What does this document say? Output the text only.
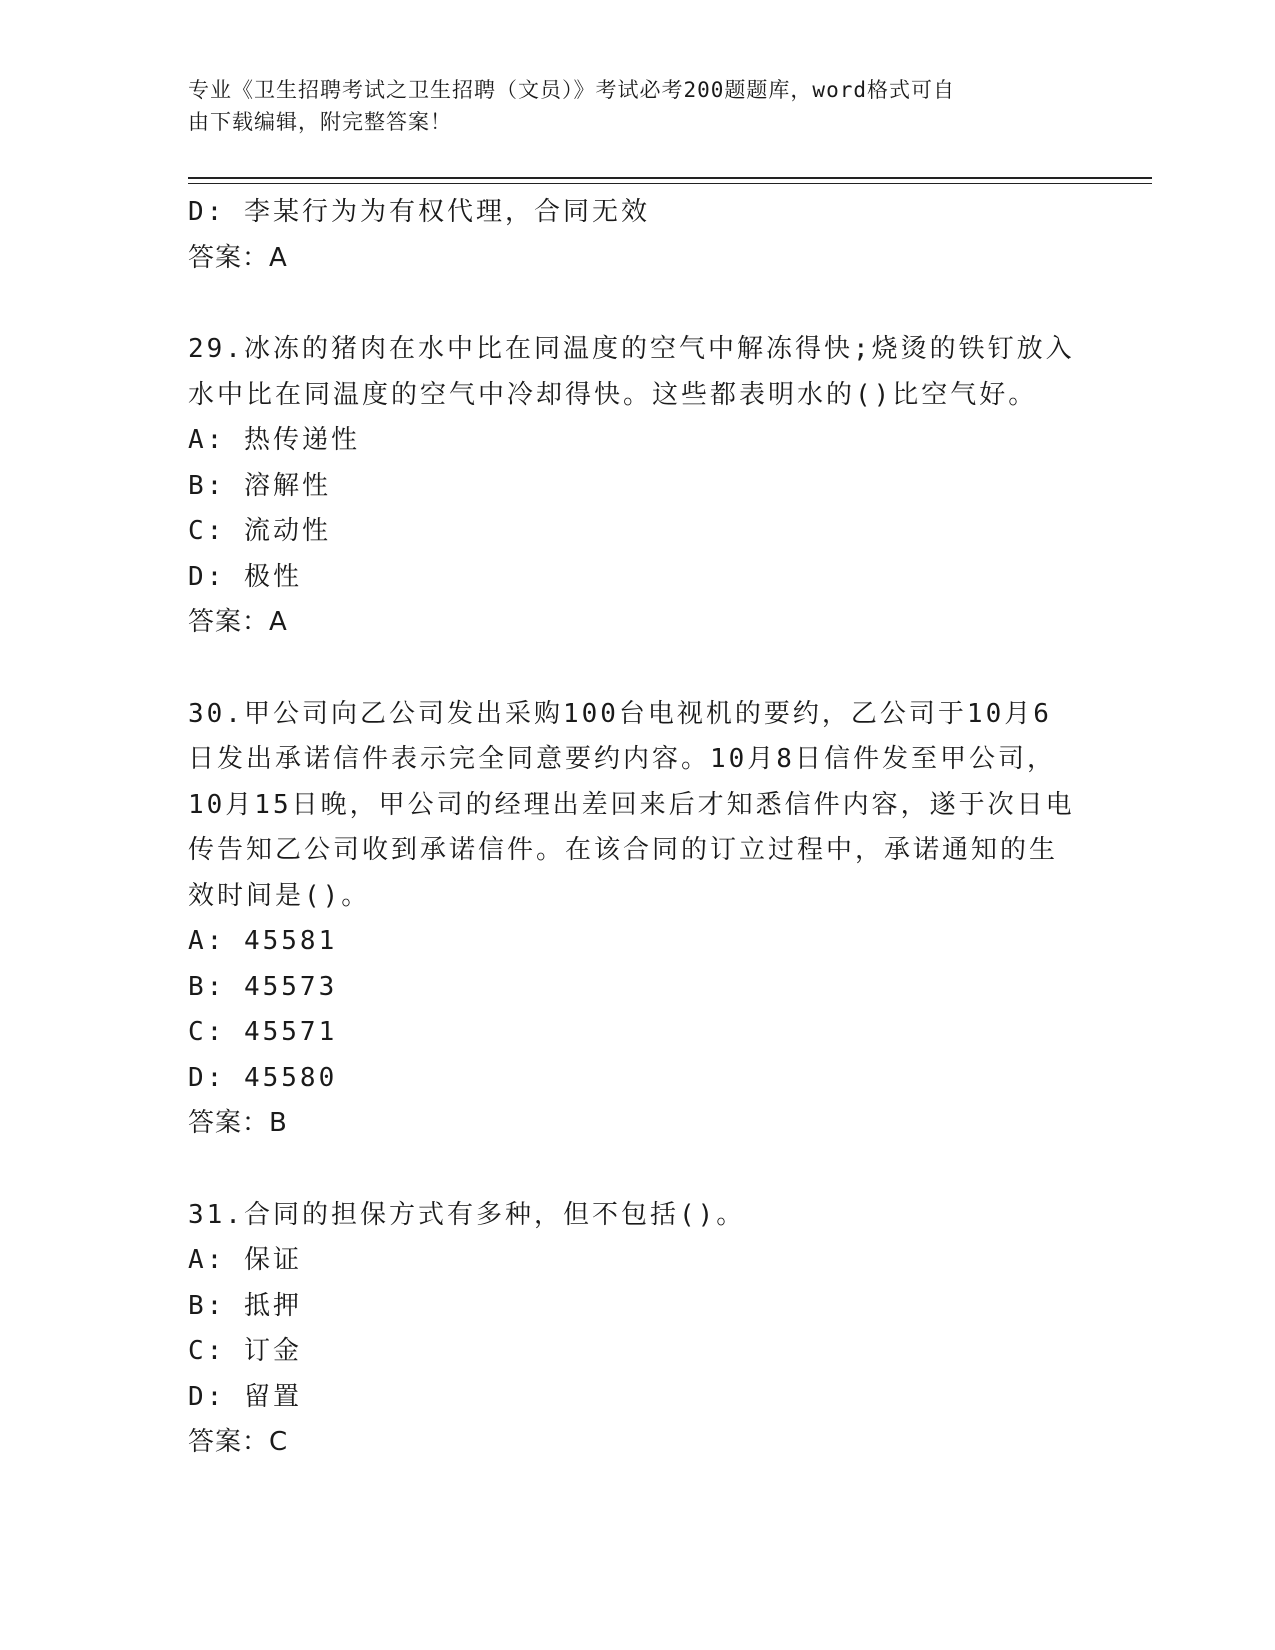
专业《卫生招聘考试之卫生招聘（文员）》考试必考200题题库，word格式可自
由下载编辑，附完整答案！
D: 李某行为为有权代理，合同无效
答案：A
29.冰冻的猪肉在水中比在同温度的空气中解冻得快;烧烫的铁钉放入
水中比在同温度的空气中冷却得快。这些都表明水的()比空气好。
A: 热传递性
B: 溶解性
C: 流动性
D: 极性
答案：A
30.甲公司向乙公司发出采购100台电视机的要约，乙公司于10月6
日发出承诺信件表示完全同意要约内容。10月8日信件发至甲公司，
10月15日晚，甲公司的经理出差回来后才知悉信件内容，遂于次日电
传告知乙公司收到承诺信件。在该合同的订立过程中，承诺通知的生
效时间是()。
A: 45581
B: 45573
C: 45571
D: 45580
答案：B
31.合同的担保方式有多种，但不包括()。
A: 保证
B: 抵押
C: 订金
D: 留置
答案：C
